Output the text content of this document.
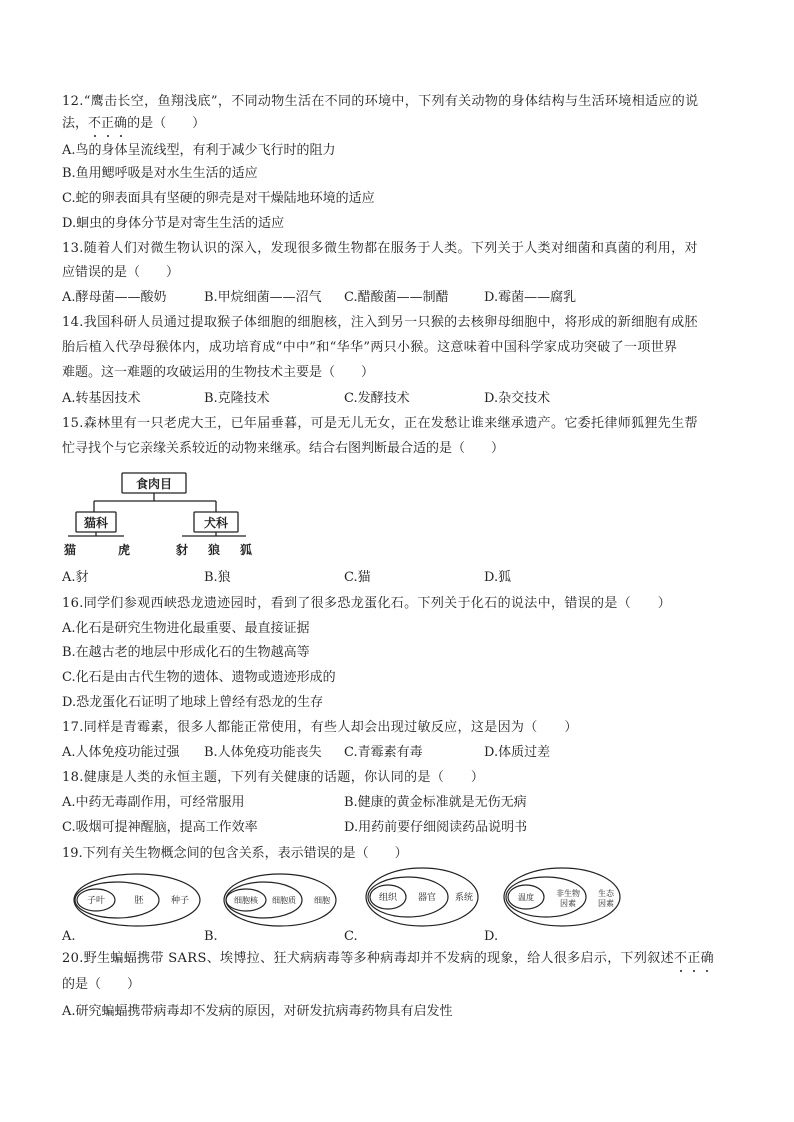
12.“鹰击长空，鱼翔浅底”，不同动物生活在不同的环境中，下列有关动物的身体结构与生活环境相适应的说
法，不正确的是（　　）
A.鸟的身体呈流线型，有利于减少飞行时的阻力
B.鱼用鳃呼吸是对水生生活的适应
C.蛇的卵表面具有坚硬的卵壳是对干燥陆地环境的适应
D.蛔虫的身体分节是对寄生生活的适应
13.随着人们对微生物认识的深入，发现很多微生物都在服务于人类。下列关于人类对细菌和真菌的利用，对
应错误的是（　　）
A.酵母菌——酸奶	B.甲烷细菌——沼气 C.醋酸菌——制醋	D.霉菌——腐乳
14.我国科研人员通过提取猴子体细胞的细胞核，注入到另一只猴的去核卵母细胞中，将形成的新细胞有成胚
胎后植入代孕母猴体内，成功培育成“中中”和“华华”两只小猴。这意味着中国科学家成功突破了一项世界
难题。这一难题的攻破运用的生物技术主要是（　　）
A.转基因技术	B.克隆技术	C.发酵技术	D.杂交技术
15.森林里有一只老虎大王，已年届垂暮，可是无儿无女，正在发愁让谁来继承遗产。它委托律师狐狸先生帮
忙寻找个与它亲缘关系较近的动物来继承。结合右图判断最合适的是（　　）
食肉目
猫科	犬科
猫	虎	豺 狼 狐
A.豺	B.狼	C.猫	D.狐
16.同学们参观西峡恐龙遗迹园时，看到了很多恐龙蛋化石。下列关于化石的说法中，错误的是（　　）
A.化石是研究生物进化最重要、最直接证据
B.在越古老的地层中形成化石的生物越高等
C.化石是由古代生物的遗体、遗物或遗迹形成的
D.恐龙蛋化石证明了地球上曾经有恐龙的生存
17.同样是青霉素，很多人都能正常使用，有些人却会出现过敏反应，这是因为（　　）
A.人体免疫功能过强 B.人体免疫功能丧失 C.青霉素有毒	D.体质过差
18.健康是人类的永恒主题，下列有关健康的话题，你认同的是（　　）
A.中药无毒副作用，可经常服用	B.健康的黄金标准就是无伤无病
C.吸烟可提神醒脑，提高工作效率	D.用药前要仔细阅读药品说明书
19.下列有关生物概念间的包含关系，表示错误的是（　　）
子叶	胚	种子	细胞核 细胞质 细胞	组织 器官 系统	温度	非生物因素
生态因素
A.	B.	C.	D.
20.野生蝙蝠携带 SARS、埃博拉、狂犬病病毒等多种病毒却并不发病的现象，给人很多启示，下列叙述不正确
的是（　　）
A.研究蝙蝠携带病毒却不发病的原因，对研发抗病毒药物具有启发性
